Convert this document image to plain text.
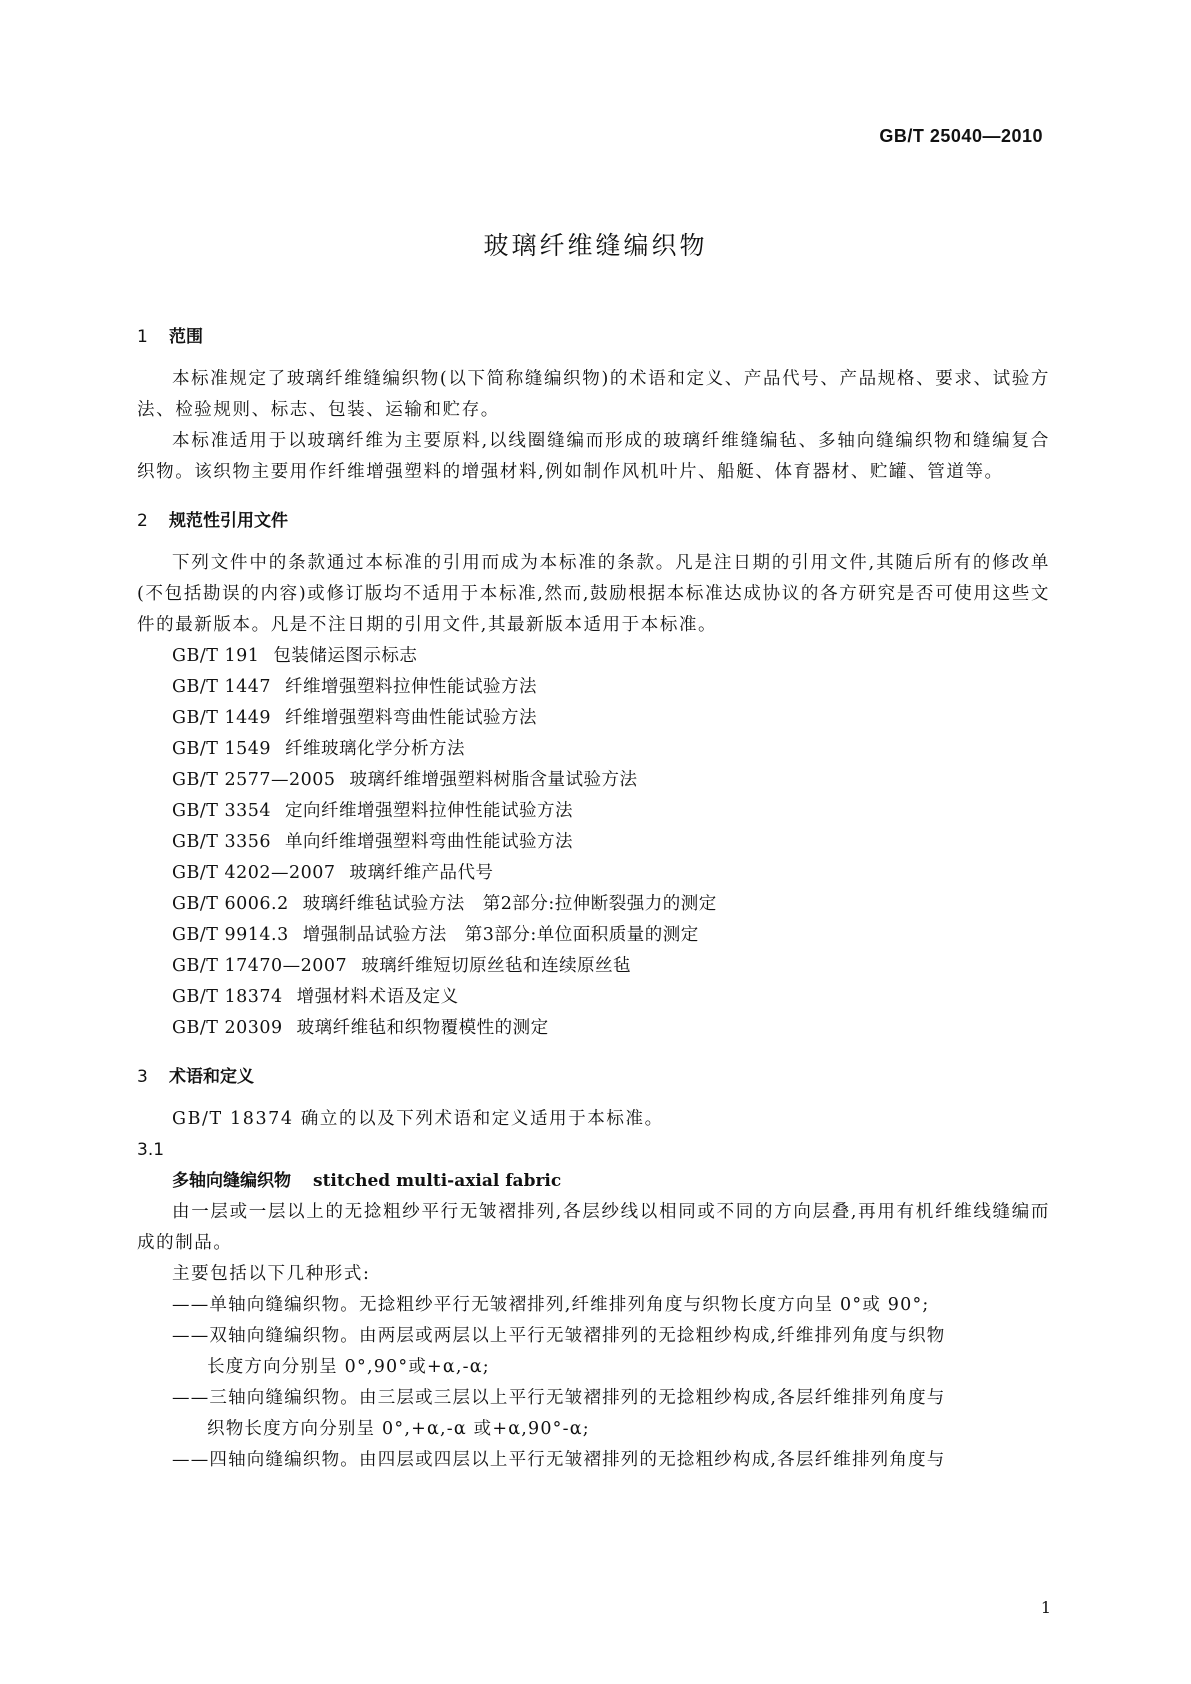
GB/T 25040—2010
玻璃纤维缝编织物
1 范围

本标准规定了玻璃纤维缝编织物(以下简称缝编织物)的术语和定义、产品代号、产品规格、要求、试验方法、检验规则、标志、包装、运输和贮存。

本标准适用于以玻璃纤维为主要原料,以线圈缝编而形成的玻璃纤维缝编毡、多轴向缝编织物和缝编复合织物。该织物主要用作纤维增强塑料的增强材料,例如制作风机叶片、船艇、体育器材、贮罐、管道等。

2 规范性引用文件

下列文件中的条款通过本标准的引用而成为本标准的条款。凡是注日期的引用文件,其随后所有的修改单(不包括勘误的内容)或修订版均不适用于本标准,然而,鼓励根据本标准达成协议的各方研究是否可使用这些文件的最新版本。凡是不注日期的引用文件,其最新版本适用于本标准。

GB/T 191 包装储运图示标志
GB/T 1447 纤维增强塑料拉伸性能试验方法
GB/T 1449 纤维增强塑料弯曲性能试验方法
GB/T 1549 纤维玻璃化学分析方法
GB/T 2577—2005 玻璃纤维增强塑料树脂含量试验方法
GB/T 3354 定向纤维增强塑料拉伸性能试验方法
GB/T 3356 单向纤维增强塑料弯曲性能试验方法
GB/T 4202—2007 玻璃纤维产品代号
GB/T 6006.2 玻璃纤维毡试验方法　第2部分:拉伸断裂强力的测定
GB/T 9914.3 增强制品试验方法　第3部分:单位面积质量的测定
GB/T 17470—2007 玻璃纤维短切原丝毡和连续原丝毡
GB/T 18374 增强材料术语及定义
GB/T 20309 玻璃纤维毡和织物覆模性的测定
3 术语和定义

GB/T 18374 确立的以及下列术语和定义适用于本标准。

3.1
多轴向缝编织物 stitched multi-axial fabric

由一层或一层以上的无捻粗纱平行无皱褶排列,各层纱线以相同或不同的方向层叠,再用有机纤维线缝编而成的制品。

主要包括以下几种形式:

——单轴向缝编织物。无捻粗纱平行无皱褶排列,纤维排列角度与织物长度方向呈 0°或 90°;
——双轴向缝编织物。由两层或两层以上平行无皱褶排列的无捻粗纱构成,纤维排列角度与织物
长度方向分别呈 0°,90°或+α,-α;
——三轴向缝编织物。由三层或三层以上平行无皱褶排列的无捻粗纱构成,各层纤维排列角度与
织物长度方向分别呈 0°,+α,-α 或+α,90°-α;
——四轴向缝编织物。由四层或四层以上平行无皱褶排列的无捻粗纱构成,各层纤维排列角度与
1
